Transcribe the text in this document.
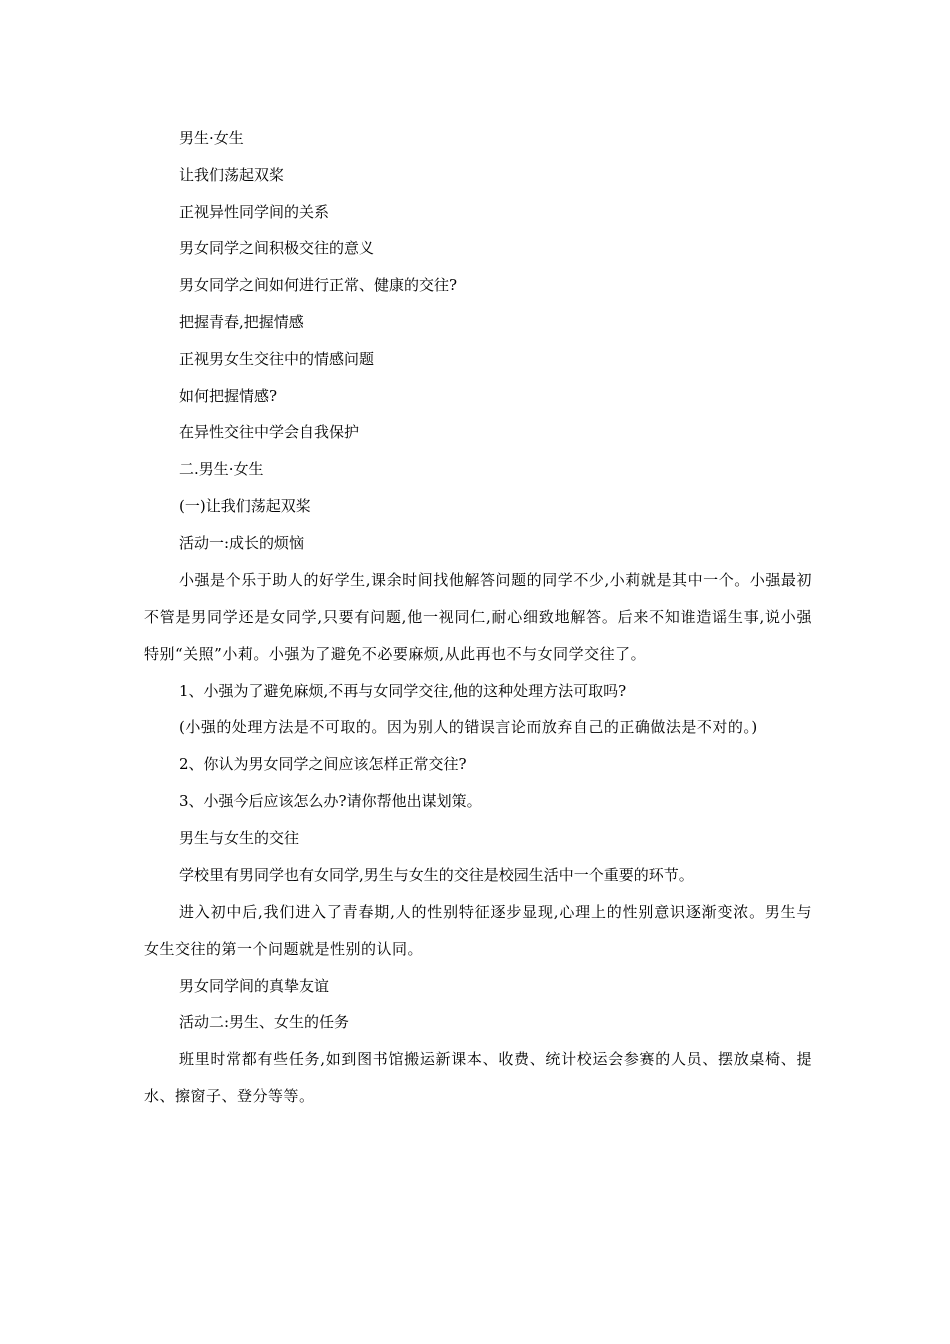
男生·女生

让我们荡起双桨

正视异性同学间的关系

男女同学之间积极交往的意义

男女同学之间如何进行正常、健康的交往?

把握青春,把握情感

正视男女生交往中的情感问题

如何把握情感?

在异性交往中学会自我保护

二.男生·女生

(一)让我们荡起双桨

活动一:成长的烦恼

小强是个乐于助人的好学生,课余时间找他解答问题的同学不少,小莉就是其中一个。小强最初不管是男同学还是女同学,只要有问题,他一视同仁,耐心细致地解答。后来不知谁造谣生事,说小强特别“关照”小莉。小强为了避免不必要麻烦,从此再也不与女同学交往了。

1、小强为了避免麻烦,不再与女同学交往,他的这种处理方法可取吗?

(小强的处理方法是不可取的。因为别人的错误言论而放弃自己的正确做法是不对的。)

2、你认为男女同学之间应该怎样正常交往?

3、小强今后应该怎么办?请你帮他出谋划策。

男生与女生的交往

学校里有男同学也有女同学,男生与女生的交往是校园生活中一个重要的环节。

进入初中后,我们进入了青春期,人的性别特征逐步显现,心理上的性别意识逐渐变浓。男生与女生交往的第一个问题就是性别的认同。

男女同学间的真挚友谊

活动二:男生、女生的任务

班里时常都有些任务,如到图书馆搬运新课本、收费、统计校运会参赛的人员、摆放桌椅、提水、擦窗子、登分等等。
